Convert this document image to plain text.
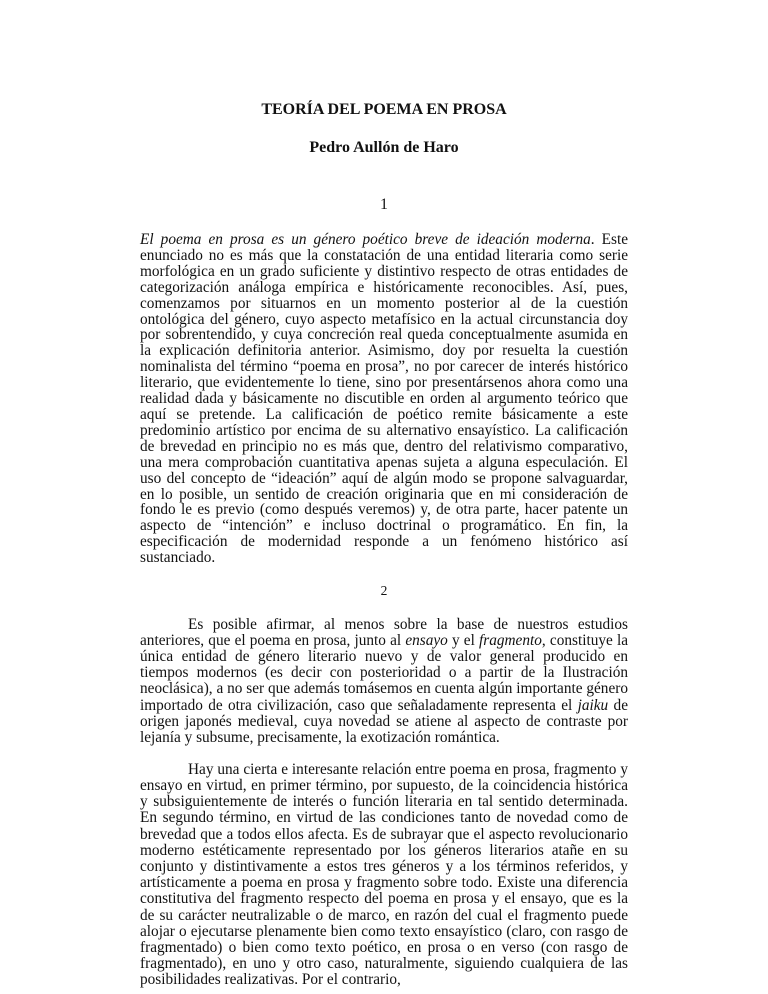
TEORÍA DEL POEMA EN PROSA
Pedro Aullón de Haro
1

El poema en prosa es un género poético breve de ideación moderna. Este enunciado no es más que la constatación de una entidad literaria como serie morfológica en un grado suficiente y distintivo respecto de otras entidades de categorización análoga empírica e históricamente reconocibles. Así, pues, comenzamos por situarnos en un momento posterior al de la cuestión ontológica del género, cuyo aspecto metafísico en la actual circunstancia doy por sobrentendido, y cuya concreción real queda conceptualmente asumida en la explicación definitoria anterior. Asimismo, doy por resuelta la cuestión nominalista del término “poema en prosa”, no por carecer de interés histórico literario, que evidentemente lo tiene, sino por presentársenos ahora como una realidad dada y básicamente no discutible en orden al argumento teórico que aquí se pretende. La calificación de poético remite básicamente a este predominio artístico por encima de su alternativo ensayístico. La calificación de brevedad en principio no es más que, dentro del relativismo comparativo, una mera comprobación cuantitativa apenas sujeta a alguna especulación. El uso del concepto de “ideación” aquí de algún modo se propone salvaguardar, en lo posible, un sentido de creación originaria que en mi consideración de fondo le es previo (como después veremos) y, de otra parte, hacer patente un aspecto de “intención” e incluso doctrinal o programático. En fin, la especificación de modernidad responde a un fenómeno histórico así sustanciado.

2

Es posible afirmar, al menos sobre la base de nuestros estudios anteriores, que el poema en prosa, junto al ensayo y el fragmento, constituye la única entidad de género literario nuevo y de valor general producido en tiempos modernos (es decir con posterioridad o a partir de la Ilustración neoclásica), a no ser que además tomásemos en cuenta algún importante género importado de otra civilización, caso que señaladamente representa el jaiku de origen japonés medieval, cuya novedad se atiene al aspecto de contraste por lejanía y subsume, precisamente, la exotización romántica.

Hay una cierta e interesante relación entre poema en prosa, fragmento y ensayo en virtud, en primer término, por supuesto, de la coincidencia histórica y subsiguientemente de interés o función literaria en tal sentido determinada. En segundo término, en virtud de las condiciones tanto de novedad como de brevedad que a todos ellos afecta. Es de subrayar que el aspecto revolucionario moderno estéticamente representado por los géneros literarios atañe en su conjunto y distintivamente a estos tres géneros y a los términos referidos, y artísticamente a poema en prosa y fragmento sobre todo. Existe una diferencia constitutiva del fragmento respecto del poema en prosa y el ensayo, que es la de su carácter neutralizable o de marco, en razón del cual el fragmento puede alojar o ejecutarse plenamente bien como texto ensayístico (claro, con rasgo de fragmentado) o bien como texto poético, en prosa o en verso (con rasgo de fragmentado), en uno y otro caso, naturalmente, siguiendo cualquiera de las posibilidades realizativas. Por el contrario,
